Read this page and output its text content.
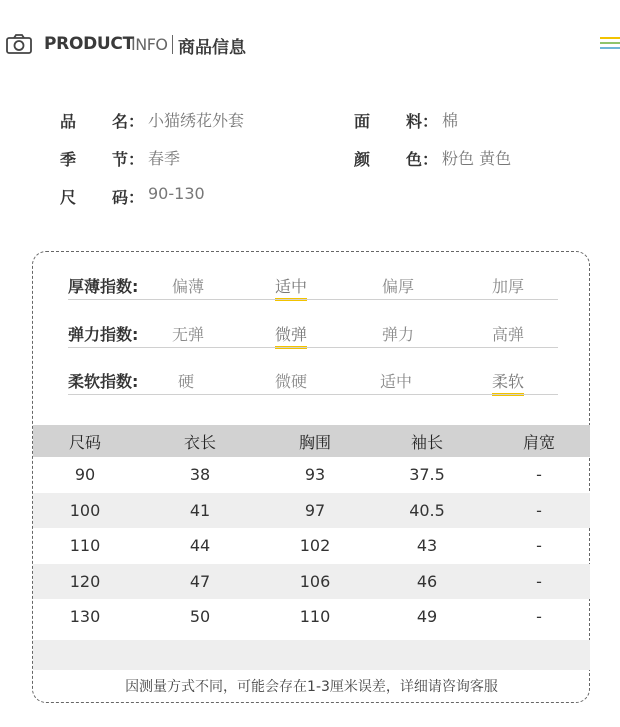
PRODUCT
INFO 商品信息
品 名： 小猫绣花外套	面 料： 棉
季 节： 春季	颜 色： 粉色 黄色
尺 码： 90-130
厚薄指数: 偏薄	适中	偏厚	加厚
弹力指数: 无弹	微弹	弹力	高弹
柔软指数: 硬	微硬	适中	柔软
尺码	衣长	胸围	袖长	肩宽
90	38	93	37.5	-
100	41	97	40.5	-
110	44	102	43	-
120	47	106	46	-
130	50	110	49	-
因测量方式不同，可能会存在1-3厘米误差，详细请咨询客服
